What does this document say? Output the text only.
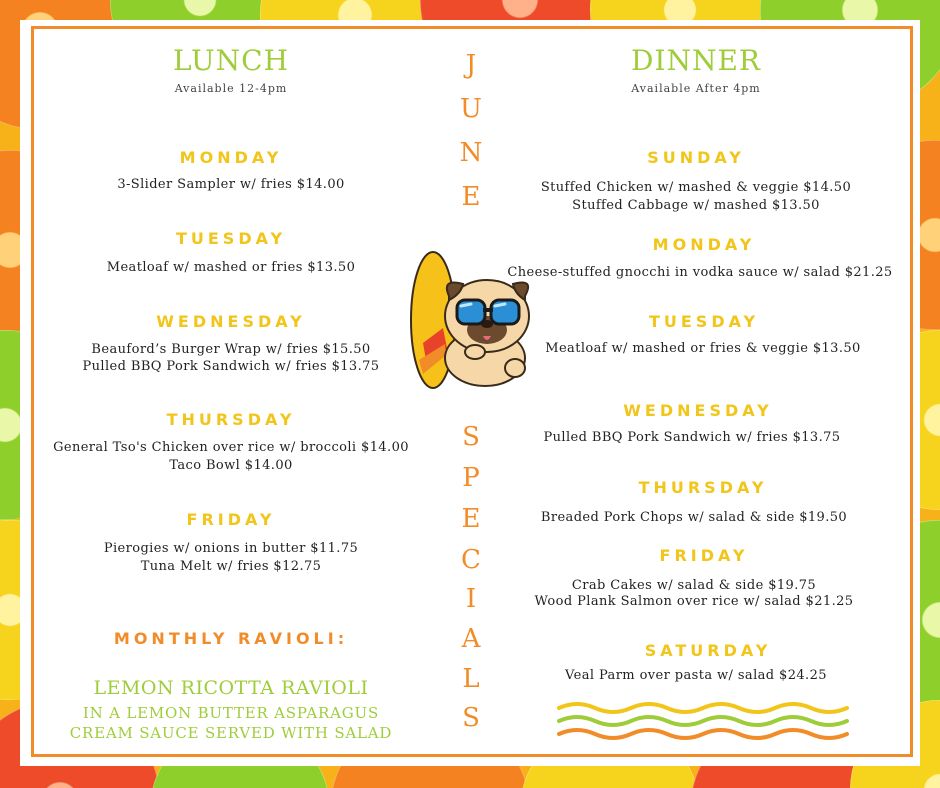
LUNCH
Available 12-4pm
MONDAY
3-Slider Sampler w/ fries $14.00
TUESDAY
Meatloaf w/ mashed or fries $13.50
WEDNESDAY
Beauford’s Burger Wrap w/ fries $15.50
Pulled BBQ Pork Sandwich w/ fries $13.75
THURSDAY
General Tso's Chicken over rice w/ broccoli $14.00
Taco Bowl $14.00
FRIDAY
Pierogies w/ onions in butter $11.75
Tuna Melt w/ fries $12.75
MONTHLY RAVIOLI:
LEMON RICOTTA RAVIOLI
IN A LEMON BUTTER ASPARAGUS
CREAM SAUCE SERVED WITH SALAD
J
U
N
E
S
P
E
C
I
A
L
S
DINNER
Available After 4pm
SUNDAY
Stuffed Chicken w/ mashed & veggie $14.50
Stuffed Cabbage w/ mashed $13.50
MONDAY
Cheese-stuffed gnocchi in vodka sauce w/ salad $21.25
TUESDAY
Meatloaf w/ mashed or fries & veggie $13.50
WEDNESDAY
Pulled BBQ Pork Sandwich w/ fries $13.75
THURSDAY
Breaded Pork Chops w/ salad & side $19.50
FRIDAY
Crab Cakes w/ salad & side $19.75
Wood Plank Salmon over rice w/ salad $21.25
SATURDAY
Veal Parm over pasta w/ salad $24.25
